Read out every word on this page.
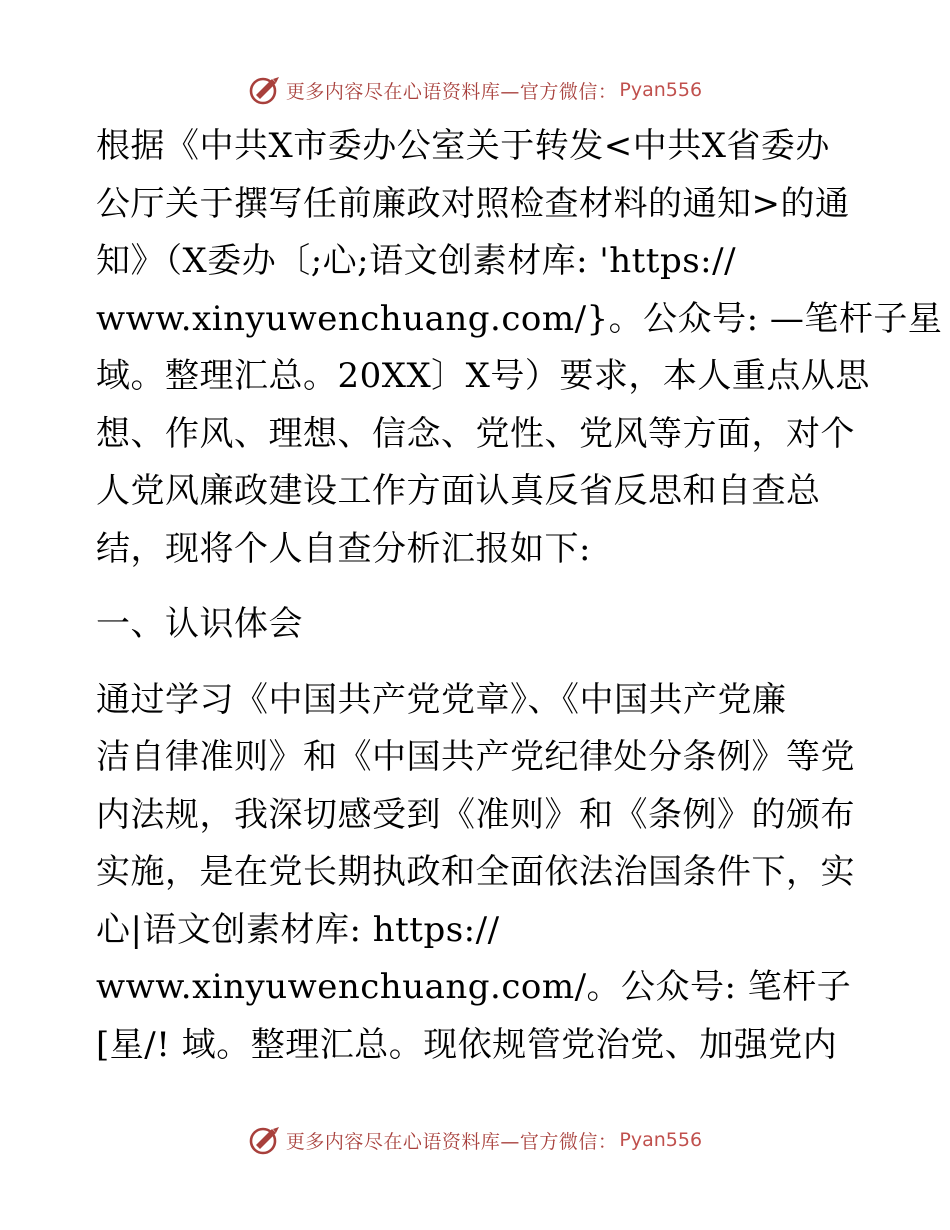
更多内容尽在心语资料库—官方微信： Pyan556
根据《中共X市委办公室关于转发<中共X省委办
公厅关于撰写任前廉政对照检查材料的通知>的通
知》（X委办〔;心;语文创素材库: 'https://
www.xinyuwenchuang.com/}。公众号: —笔杆子星
域。整理汇总。20XX〕X号）要求，本人重点从思
想、作风、理想、信念、党性、党风等方面，对个
人党风廉政建设工作方面认真反省反思和自查总
结，现将个人自查分析汇报如下:
一、认识体会
通过学习《中国共产党党章》、《中国共产党廉
洁自律准则》和《中国共产党纪律处分条例》等党
内法规，我深切感受到《准则》和《条例》的颁布
实施，是在党长期执政和全面依法治国条件下，实
心|语文创素材库: https://
www.xinyuwenchuang.com/。公众号: 笔杆子
[星/! 域。整理汇总。现依规管党治党、加强党内
更多内容尽在心语资料库—官方微信： Pyan556
